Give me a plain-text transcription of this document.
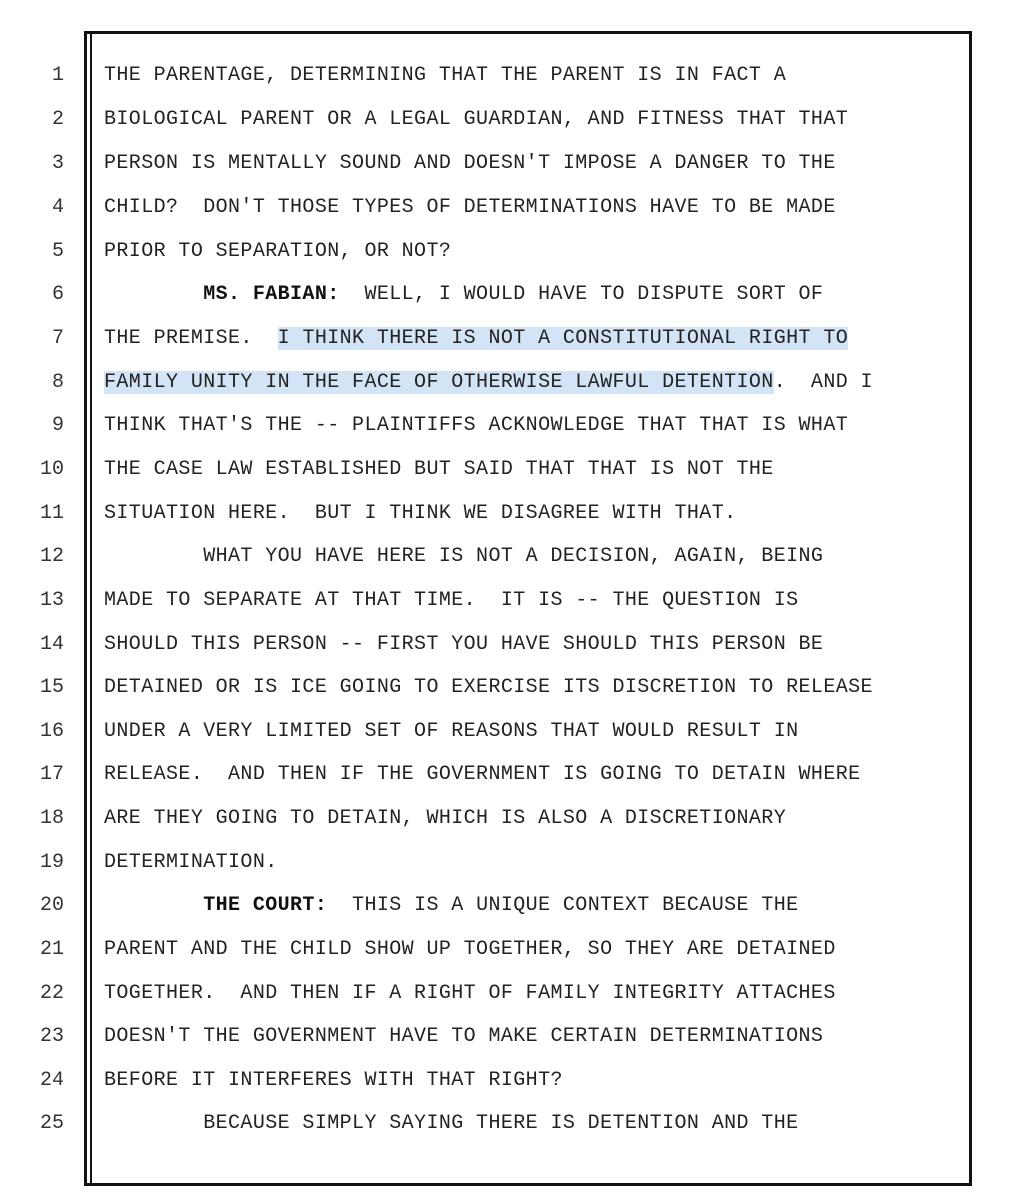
1
2
3
4
5
6
7
8
9
10
11
12
13
14
15
16
17
18
19
20
21
22
23
24
25
THE PARENTAGE, DETERMINING THAT THE PARENT IS IN FACT A
BIOLOGICAL PARENT OR A LEGAL GUARDIAN, AND FITNESS THAT THAT
PERSON IS MENTALLY SOUND AND DOESN'T IMPOSE A DANGER TO THE
CHILD?  DON'T THOSE TYPES OF DETERMINATIONS HAVE TO BE MADE
PRIOR TO SEPARATION, OR NOT?
MS. FABIAN:  WELL, I WOULD HAVE TO DISPUTE SORT OF
THE PREMISE.  I THINK THERE IS NOT A CONSTITUTIONAL RIGHT TO
FAMILY UNITY IN THE FACE OF OTHERWISE LAWFUL DETENTION.  AND I
THINK THAT'S THE -- PLAINTIFFS ACKNOWLEDGE THAT THAT IS WHAT
THE CASE LAW ESTABLISHED BUT SAID THAT THAT IS NOT THE
SITUATION HERE.  BUT I THINK WE DISAGREE WITH THAT.
WHAT YOU HAVE HERE IS NOT A DECISION, AGAIN, BEING
MADE TO SEPARATE AT THAT TIME.  IT IS -- THE QUESTION IS
SHOULD THIS PERSON -- FIRST YOU HAVE SHOULD THIS PERSON BE
DETAINED OR IS ICE GOING TO EXERCISE ITS DISCRETION TO RELEASE
UNDER A VERY LIMITED SET OF REASONS THAT WOULD RESULT IN
RELEASE.  AND THEN IF THE GOVERNMENT IS GOING TO DETAIN WHERE
ARE THEY GOING TO DETAIN, WHICH IS ALSO A DISCRETIONARY
DETERMINATION.
THE COURT:  THIS IS A UNIQUE CONTEXT BECAUSE THE
PARENT AND THE CHILD SHOW UP TOGETHER, SO THEY ARE DETAINED
TOGETHER.  AND THEN IF A RIGHT OF FAMILY INTEGRITY ATTACHES
DOESN'T THE GOVERNMENT HAVE TO MAKE CERTAIN DETERMINATIONS
BEFORE IT INTERFERES WITH THAT RIGHT?
BECAUSE SIMPLY SAYING THERE IS DETENTION AND THE
